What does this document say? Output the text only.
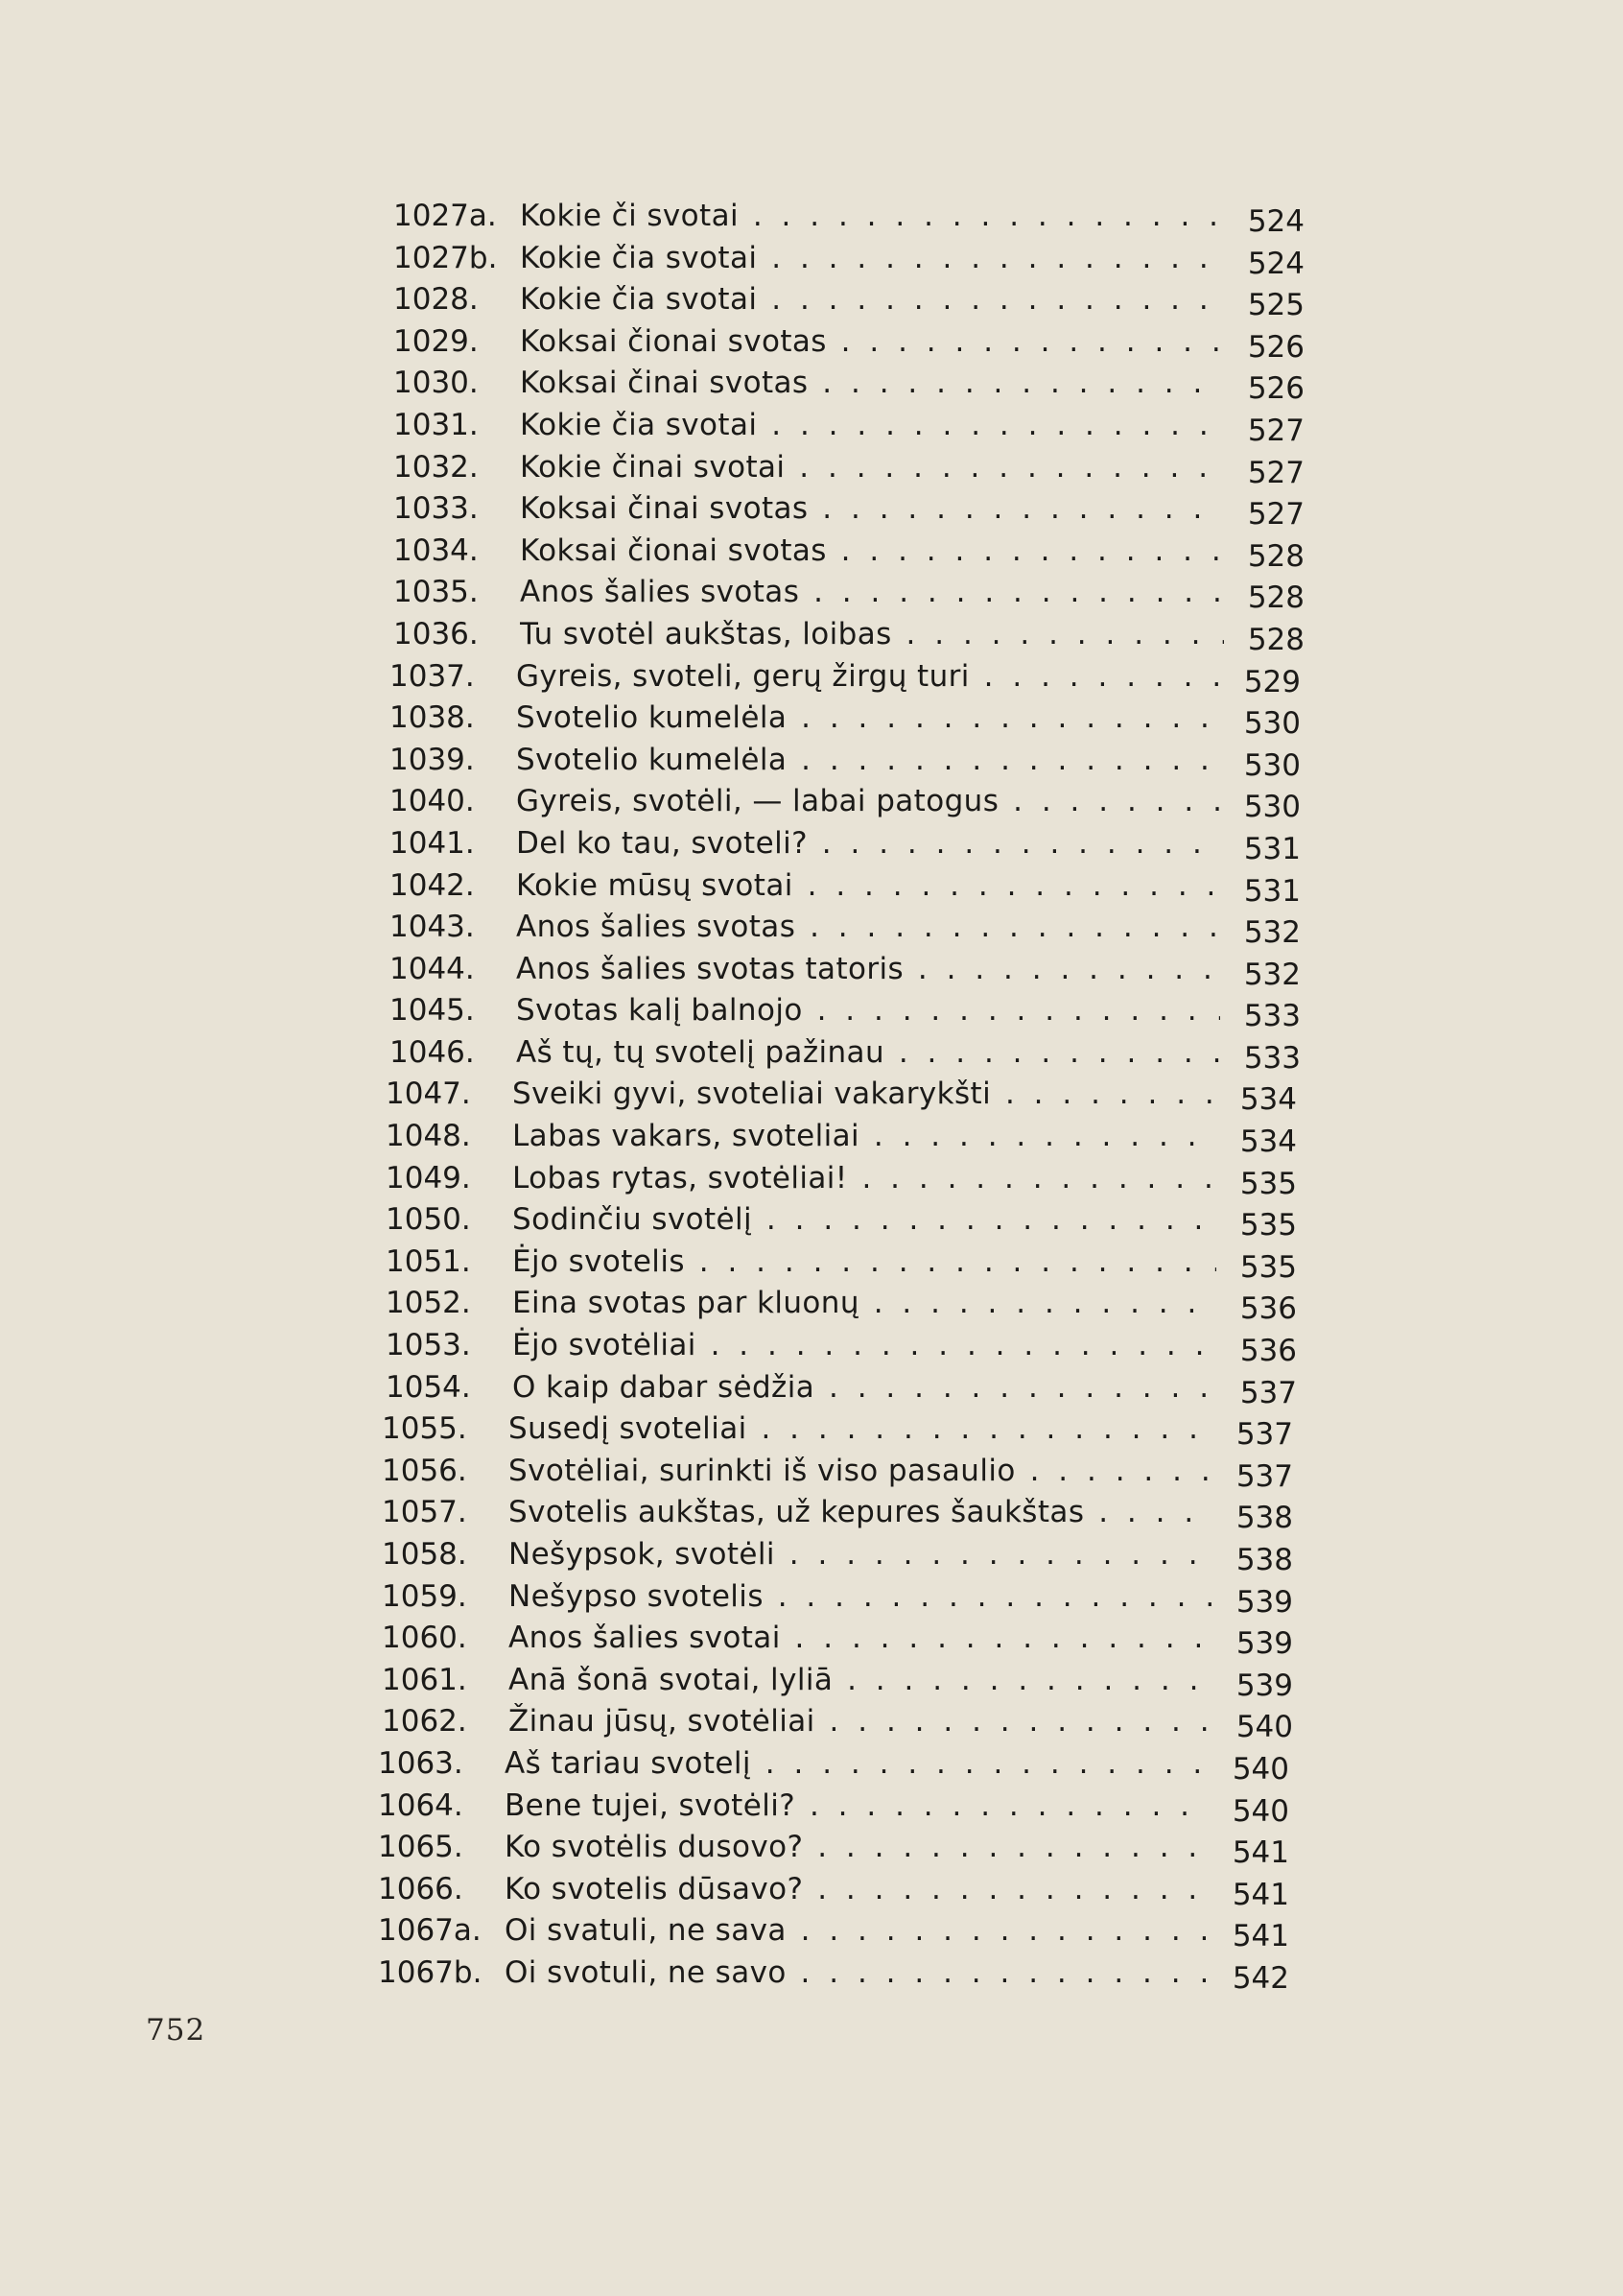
1027a. Kokie či svotai . . .	524
1027b. Kokie čia svotai . . .	524
1028.	Kokie čia svotai . . .	525
1029.	Koksai čionai svotas . . .	526
1030.	Koksai činai svotas . . .	526
1031.	Kokie čia svotai . . .	527
1032.	Kokie činai svotai . . .	527
1033.	Koksai činai svotas . . .	527
1034.	Koksai čionai svotas . . .	528
1035.	Anos šalies svotas . . .	528
1036.	Tu svotėl aukštas, loibas . . .	528
1037.	Gyreis, svoteli, gerų žirgų turi . . .	529
1038.	Svotelio kumelėla . . .	530
1039.	Svotelio kumelėla . . .	530
1040.	Gyreis, svotėli, — labai patogus . . .	530
1041.	Del ko tau, svoteli? . . .	531
1042.	Kokie mūsų svotai . . .	531
1043.	Anos šalies svotas . . .	532
1044.	Anos šalies svotas tatoris . . .	532
1045.	Svotas kalį balnojo . . .	533
1046.	Aš tų, tų svotelį pažinau . . .	533
1047.	Sveiki gyvi, svoteliai vakarykšti . . .	534
1048.	Labas vakars, svoteliai . . .	534
1049.	Lobas rytas, svotėliai! . . .	535
1050.	Sodinčiu svotėlį . . .	535
1051.	Ėjo svotelis . . .	535
1052.	Eina svotas par kluonų . . .	536
1053.	Ėjo svotėliai . . .	536
1054.	O kaip dabar sėdžia . . .	537
1055.	Susedį svoteliai . . .	537
1056.	Svotėliai, surinkti iš viso pasaulio . . .	537
1057.	Svotelis aukštas, už kepures šaukštas . . .	538
1058.	Nešypsok, svotėli . . .	538
1059.	Nešypso svotelis . . .	539
1060.	Anos šalies svotai . . .	539
1061.	Anā šonā svotai, lyliā . . .	539
1062.	Žinau jūsų, svotėliai . . .	540
1063.	Aš tariau svotelį . . .	540
1064.	Bene tujei, svotėli? . . .	540
1065.	Ko svotėlis dusovo? . . .	541
1066.	Ko svotelis dūsavo? . . .	541
1067a. Oi svatuli, ne sava . . .	541
1067b. Oi svotuli, ne savo . . .	542
752
